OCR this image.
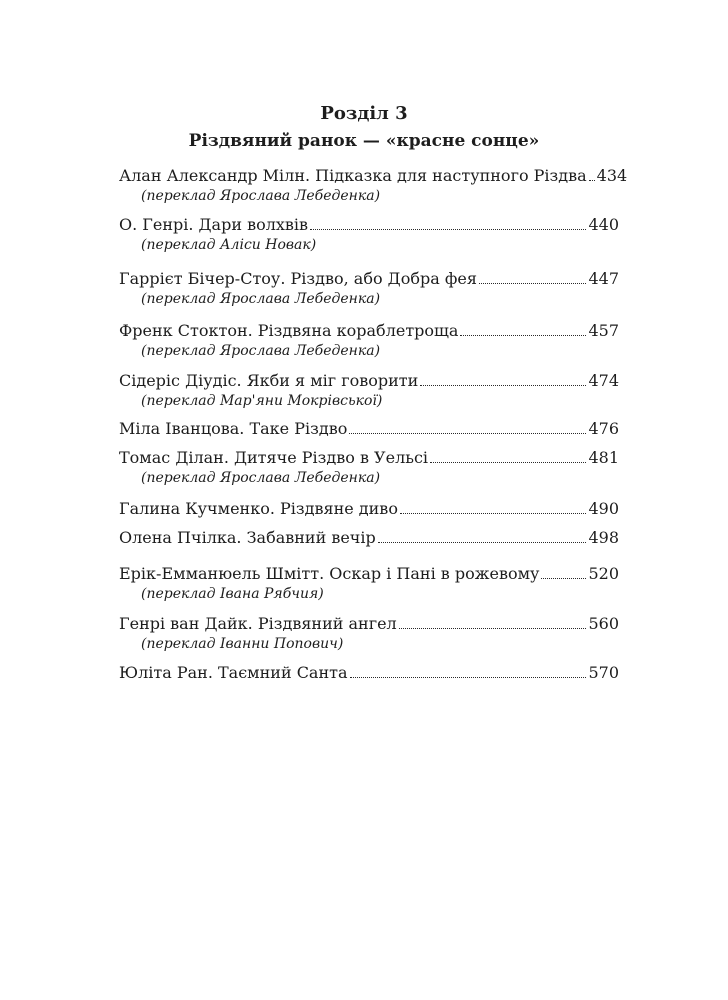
Розділ 3
Різдвяний ранок — «красне сонце»
Алан Александр Мілн. Підказка для наступного Різдва 434
(переклад Ярослава Лебеденка)
О. Генрі. Дари волхвів	440
(переклад Аліси Новак)
Гаррієт Бічер-Стоу. Різдво, або Добра фея	447
(переклад Ярослава Лебеденка)
Френк Стоктон. Різдвяна кораблетроща	457
(переклад Ярослава Лебеденка)
Сідеріс Діудіс. Якби я міг говорити	474
(переклад Мар'яни Мокрівської)
Міла Іванцова. Таке Різдво	476
Томас Ділан. Дитяче Різдво в Уельсі	481
(переклад Ярослава Лебеденка)
Галина Кучменко. Різдвяне диво	490
Олена Пчілка. Забавний вечір	498
Ерік-Емманюель Шмітт. Оскар і Пані в рожевому	520
(переклад Івана Рябчия)
Генрі ван Дайк. Різдвяний ангел	560
(переклад Іванни Попович)
Юліта Ран. Таємний Санта	570
